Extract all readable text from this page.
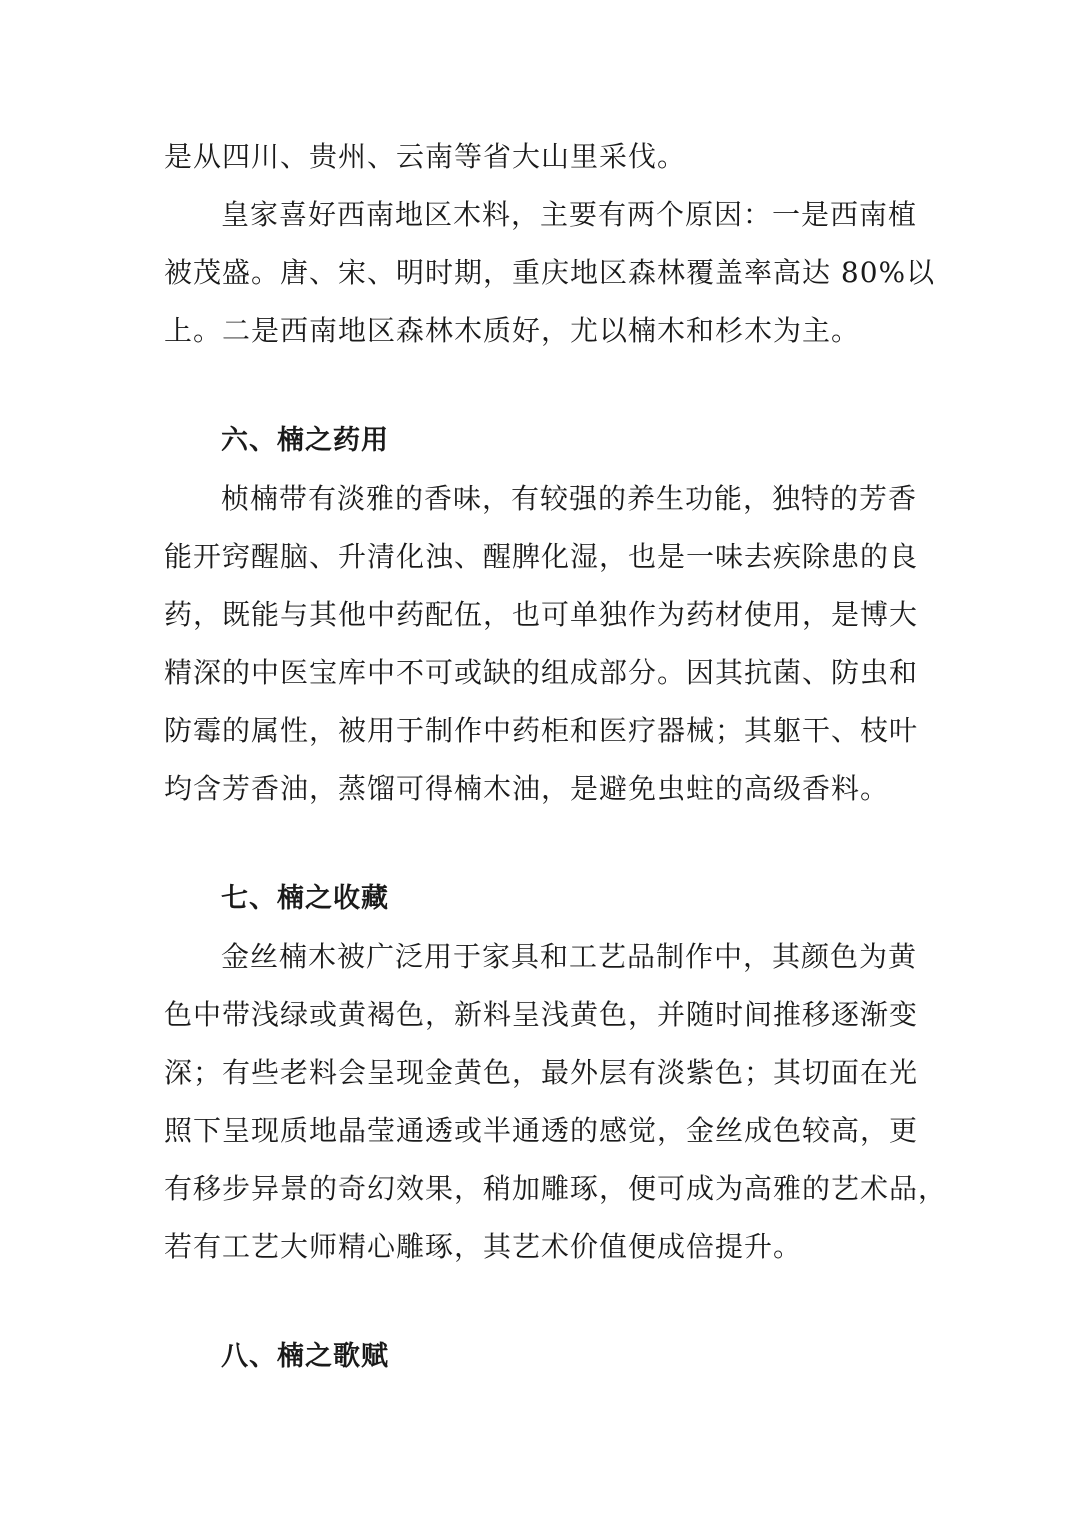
是从四川、贵州、云南等省大山里采伐。
皇家喜好西南地区木料，主要有两个原因：一是西南植
被茂盛。唐、宋、明时期，重庆地区森林覆盖率高达 80%以
上。二是西南地区森林木质好，尤以楠木和杉木为主。
六、楠之药用
桢楠带有淡雅的香味，有较强的养生功能，独特的芳香
能开窍醒脑、升清化浊、醒脾化湿，也是一味去疾除患的良
药，既能与其他中药配伍，也可单独作为药材使用，是博大
精深的中医宝库中不可或缺的组成部分。因其抗菌、防虫和
防霉的属性，被用于制作中药柜和医疗器械；其躯干、枝叶
均含芳香油，蒸馏可得楠木油，是避免虫蛀的高级香料。
七、楠之收藏
金丝楠木被广泛用于家具和工艺品制作中，其颜色为黄
色中带浅绿或黄褐色，新料呈浅黄色，并随时间推移逐渐变
深；有些老料会呈现金黄色，最外层有淡紫色；其切面在光
照下呈现质地晶莹通透或半通透的感觉，金丝成色较高，更
有移步异景的奇幻效果，稍加雕琢，便可成为高雅的艺术品，
若有工艺大师精心雕琢，其艺术价值便成倍提升。
八、楠之歌赋
